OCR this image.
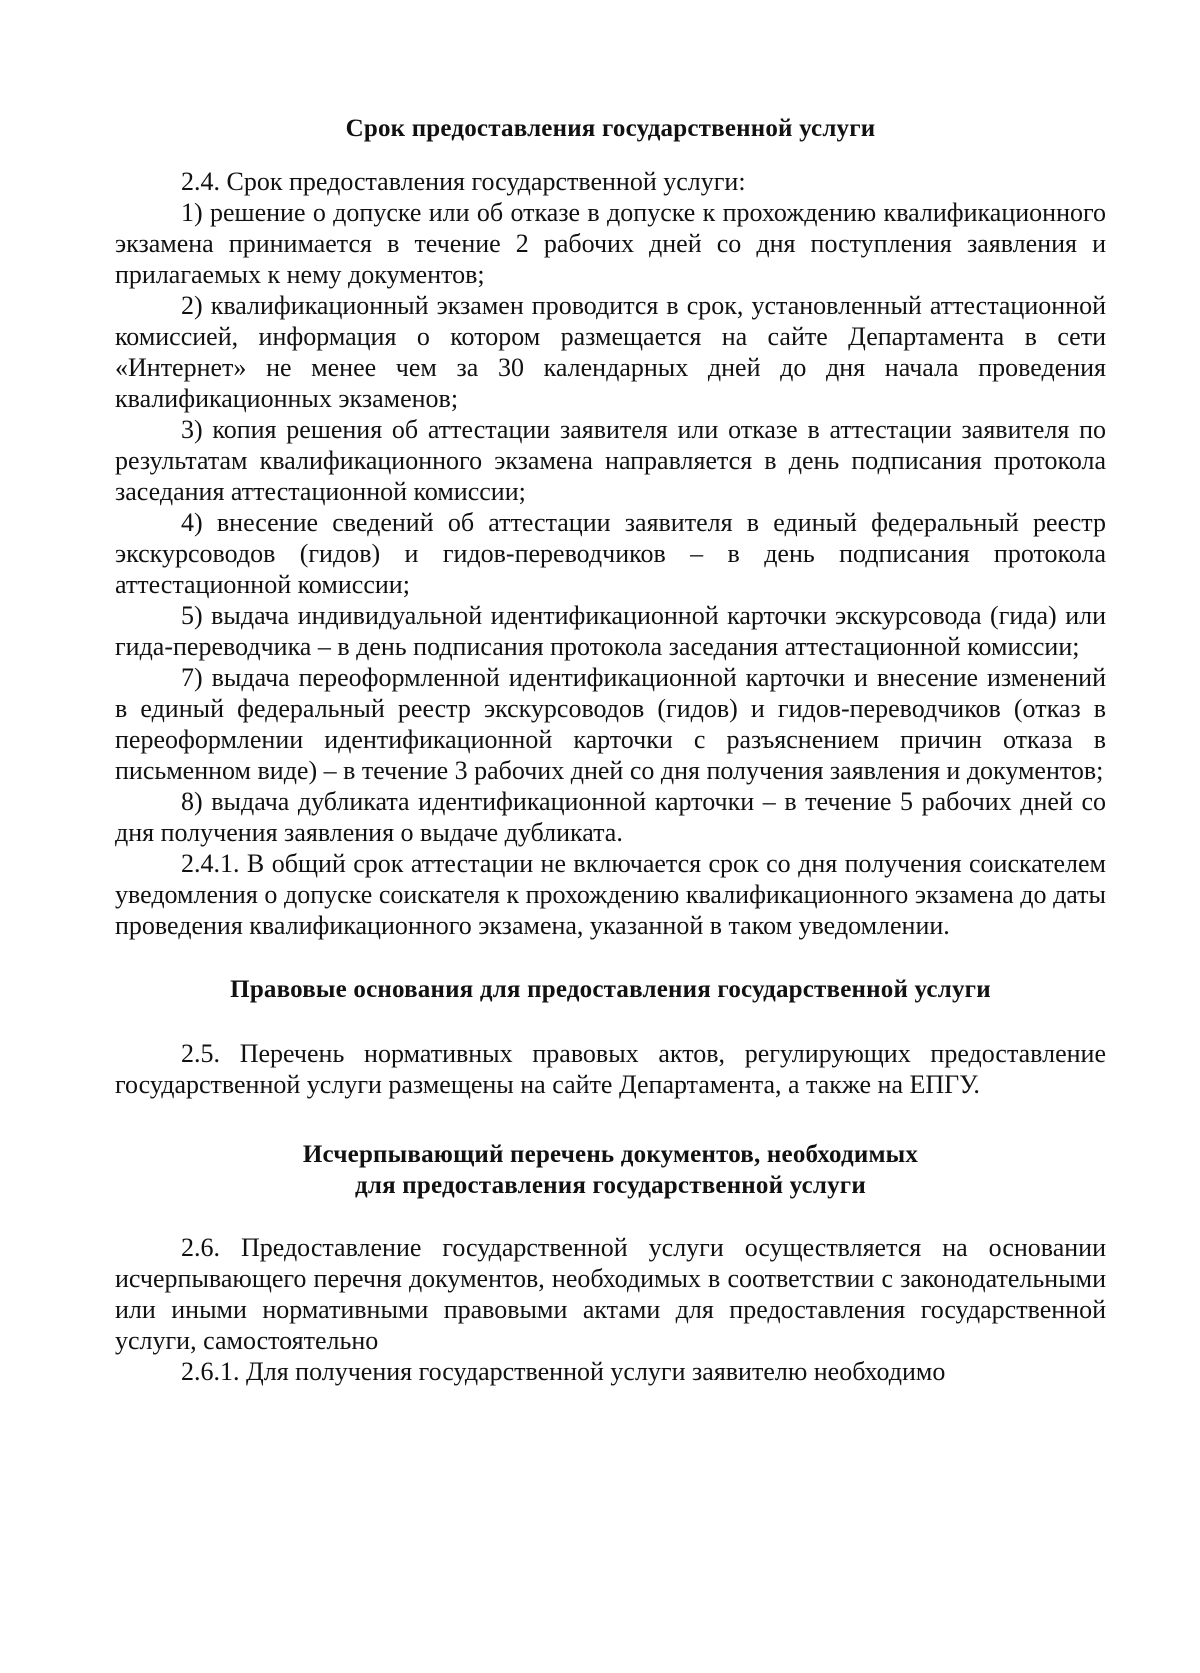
Срок предоставления государственной услуги

2.4. Срок предоставления государственной услуги:

1) решение о допуске или об отказе в допуске к прохождению квалификационного экзамена принимается в течение 2 рабочих дней со дня поступления заявления и прилагаемых к нему документов;

2) квалификационный экзамен проводится в срок, установленный аттестационной комиссией, информация о котором размещается на сайте Департамента в сети «Интернет» не менее чем за 30 календарных дней до дня начала проведения квалификационных экзаменов;

3) копия решения об аттестации заявителя или отказе в аттестации заявителя по результатам квалификационного экзамена направляется в день подписания протокола заседания аттестационной комиссии;

4) внесение сведений об аттестации заявителя в единый федеральный реестр экскурсоводов (гидов) и гидов-переводчиков – в день подписания протокола аттестационной комиссии;

5) выдача индивидуальной идентификационной карточки экскурсовода (гида) или гида-переводчика – в день подписания протокола заседания аттестационной комиссии;

7) выдача переоформленной идентификационной карточки и внесение изменений в единый федеральный реестр экскурсоводов (гидов) и гидов-переводчиков (отказ в переоформлении идентификационной карточки с разъяснением причин отказа в письменном виде) – в течение 3 рабочих дней со дня получения заявления и документов;

8) выдача дубликата идентификационной карточки – в течение 5 рабочих дней со дня получения заявления о выдаче дубликата.

2.4.1. В общий срок аттестации не включается срок со дня получения соискателем уведомления о допуске соискателя к прохождению квалификационного экзамена до даты проведения квалификационного экзамена, указанной в таком уведомлении.

Правовые основания для предоставления государственной услуги

2.5. Перечень нормативных правовых актов, регулирующих предоставление государственной услуги размещены на сайте Департамента, а также на ЕПГУ.

Исчерпывающий перечень документов, необходимых
для предоставления государственной услуги

2.6. Предоставление государственной услуги осуществляется на основании исчерпывающего перечня документов, необходимых в соответствии с законодательными или иными нормативными правовыми актами для предоставления государственной услуги, самостоятельно

2.6.1. Для получения государственной услуги заявителю необходимо
